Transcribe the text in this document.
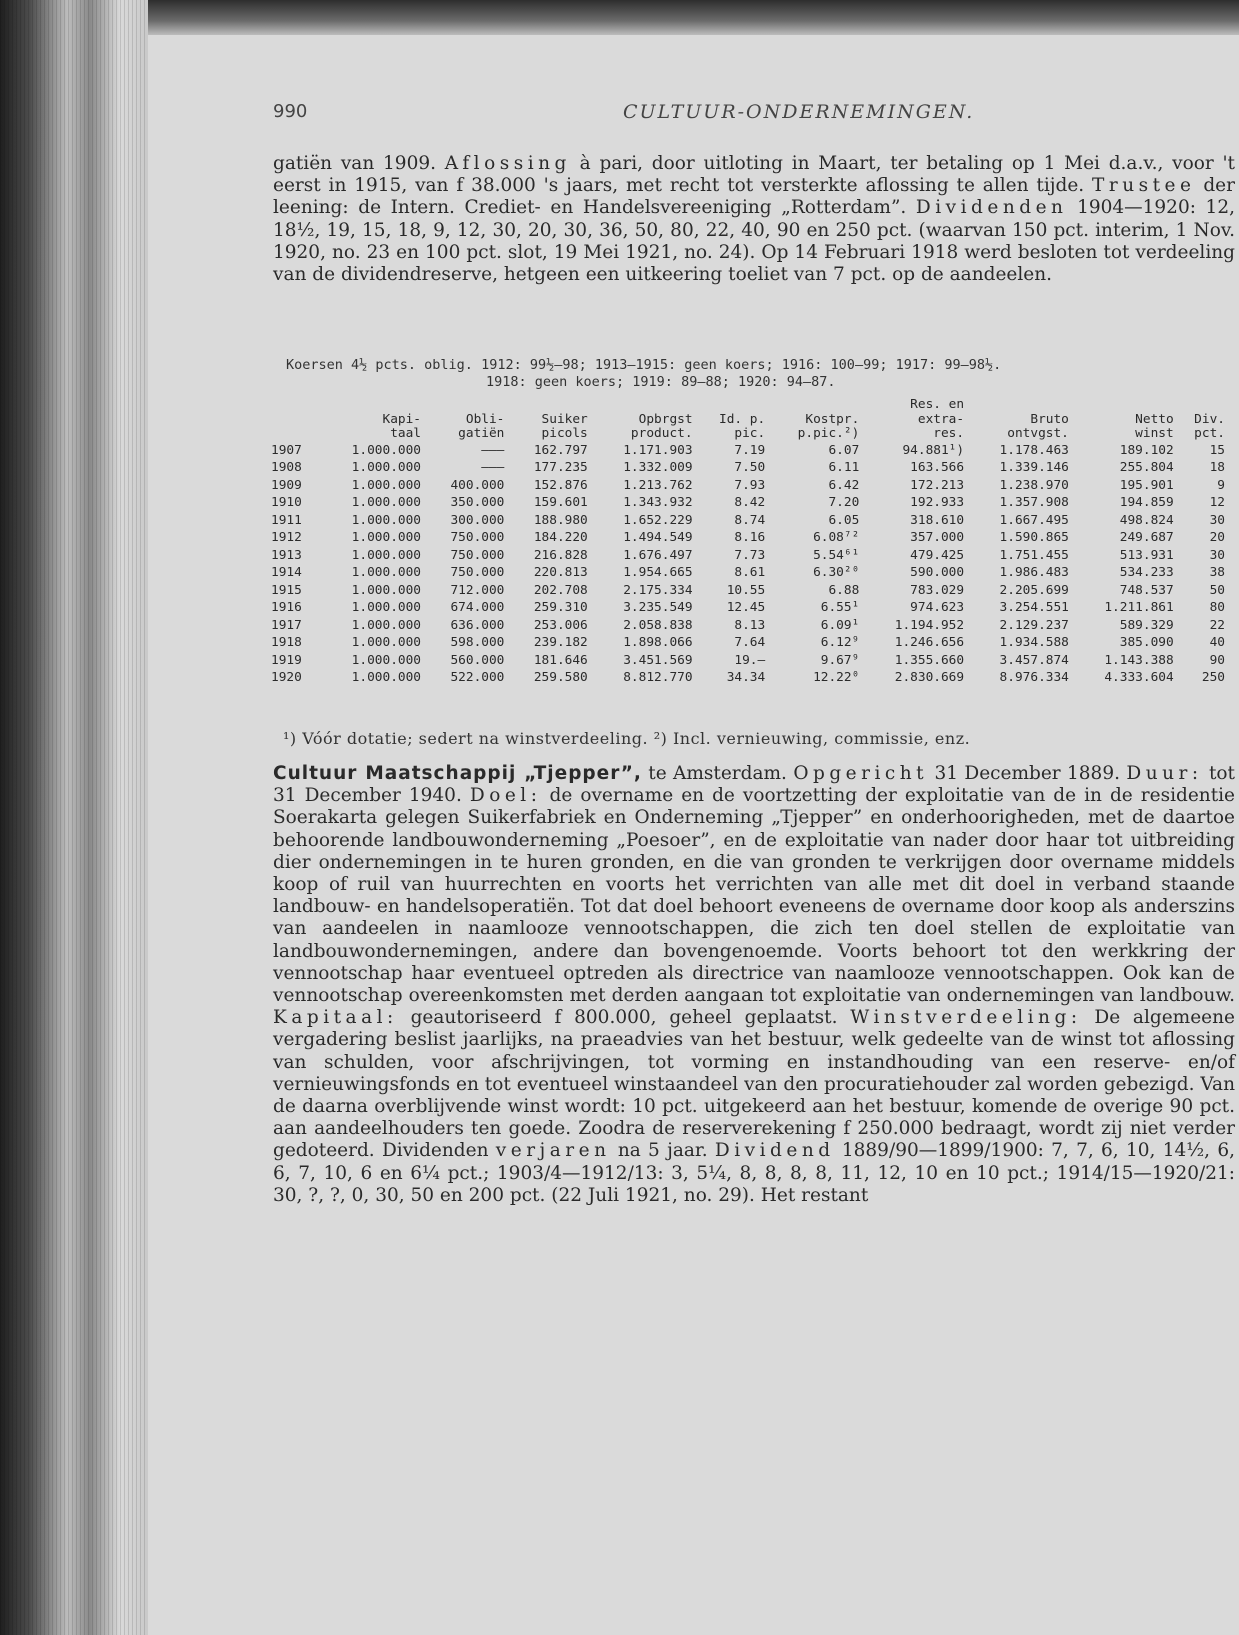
990	CULTUUR-ONDERNEMINGEN.

gatiën van 1909. Aflossing à pari, door uitloting in Maart, ter betaling op 1 Mei d.a.v., voor 't eerst in 1915, van f 38.000 's jaars, met recht tot versterkte aflossing te allen tijde. Trustee der leening: de Intern. Crediet- en Handelsvereeniging „Rotterdam”. Dividenden 1904—1920: 12, 18½, 19, 15, 18, 9, 12, 30, 20, 30, 36, 50, 80, 22, 40, 90 en 250 pct. (waarvan 150 pct. interim, 1 Nov. 1920, no. 23 en 100 pct. slot, 19 Mei 1921, no. 24). Op 14 Februari 1918 werd besloten tot verdeeling van de dividendreserve, hetgeen een uitkeering toeliet van 7 pct. op de aandeelen.

Koersen 4½ pcts. oblig. 1912: 99½—98; 1913—1915: geen koers; 1916: 100—99; 1917: 99—98½.
1918: geen koers; 1919: 89—88; 1920: 94—87.
							Res. en			
	Kapi-	Obli-	Suiker	Opbrgst	Id. p.	Kostpr.	extra-	Bruto	Netto	Div.
	taal	gatiën	picols	product.	pic.	p.pic.²)	res.	ontvgst.	winst	pct.
1907	1.000.000	———	162.797	1.171.903	7.19	6.07	94.881¹)	1.178.463	189.102	15
1908	1.000.000	———	177.235	1.332.009	7.50	6.11	163.566	1.339.146	255.804	18
1909	1.000.000	400.000	152.876	1.213.762	7.93	6.42	172.213	1.238.970	195.901	9
1910	1.000.000	350.000	159.601	1.343.932	8.42	7.20	192.933	1.357.908	194.859	12
1911	1.000.000	300.000	188.980	1.652.229	8.74	6.05	318.610	1.667.495	498.824	30
1912	1.000.000	750.000	184.220	1.494.549	8.16	6.08⁷²	357.000	1.590.865	249.687	20
1913	1.000.000	750.000	216.828	1.676.497	7.73	5.54⁶¹	479.425	1.751.455	513.931	30
1914	1.000.000	750.000	220.813	1.954.665	8.61	6.30²⁰	590.000	1.986.483	534.233	38
1915	1.000.000	712.000	202.708	2.175.334	10.55	6.88	783.029	2.205.699	748.537	50
1916	1.000.000	674.000	259.310	3.235.549	12.45	6.55¹	974.623	3.254.551	1.211.861	80
1917	1.000.000	636.000	253.006	2.058.838	8.13	6.09¹	1.194.952	2.129.237	589.329	22
1918	1.000.000	598.000	239.182	1.898.066	7.64	6.12⁹	1.246.656	1.934.588	385.090	40
1919	1.000.000	560.000	181.646	3.451.569	19.—	9.67⁹	1.355.660	3.457.874	1.143.388	90
1920	1.000.000	522.000	259.580	8.812.770	34.34	12.22⁰	2.830.669	8.976.334	4.333.604	250
¹) Vóór dotatie; sedert na winstverdeeling. ²) Incl. vernieuwing, commissie, enz.

Cultuur Maatschappij „Tjepper”, te Amsterdam. Opgericht 31 December 1889. Duur: tot 31 December 1940. Doel: de overname en de voortzetting der exploitatie van de in de residentie Soerakarta gelegen Suikerfabriek en Onderneming „Tjepper” en onderhoorigheden, met de daartoe behoorende landbouwonderneming „Poesoer”, en de exploitatie van nader door haar tot uitbreiding dier ondernemingen in te huren gronden, en die van gronden te verkrijgen door overname middels koop of ruil van huurrechten en voorts het verrichten van alle met dit doel in verband staande landbouw- en handelsoperatiën. Tot dat doel behoort eveneens de overname door koop als anderszins van aandeelen in naamlooze vennootschappen, die zich ten doel stellen de exploitatie van landbouwondernemingen, andere dan bovengenoemde. Voorts behoort tot den werkkring der vennootschap haar eventueel optreden als directrice van naamlooze vennootschappen. Ook kan de vennootschap overeenkomsten met derden aangaan tot exploitatie van ondernemingen van landbouw. Kapitaal: geautoriseerd f 800.000, geheel geplaatst. Winstverdeeling: De algemeene vergadering beslist jaarlijks, na praeadvies van het bestuur, welk gedeelte van de winst tot aflossing van schulden, voor afschrijvingen, tot vorming en instandhouding van een reserve- en/of vernieuwingsfonds en tot eventueel winstaandeel van den procuratiehouder zal worden gebezigd. Van de daarna overblijvende winst wordt: 10 pct. uitgekeerd aan het bestuur, komende de overige 90 pct. aan aandeelhouders ten goede. Zoodra de reserverekening f 250.000 bedraagt, wordt zij niet verder gedoteerd. Dividenden verjaren na 5 jaar. Dividend 1889/90—1899/1900: 7, 7, 6, 10, 14½, 6, 6, 7, 10, 6 en 6¼ pct.; 1903/4—1912/13: 3, 5¼, 8, 8, 8, 8, 11, 12, 10 en 10 pct.; 1914/15—1920/21: 30, ?, ?, 0, 30, 50 en 200 pct. (22 Juli 1921, no. 29). Het restant
